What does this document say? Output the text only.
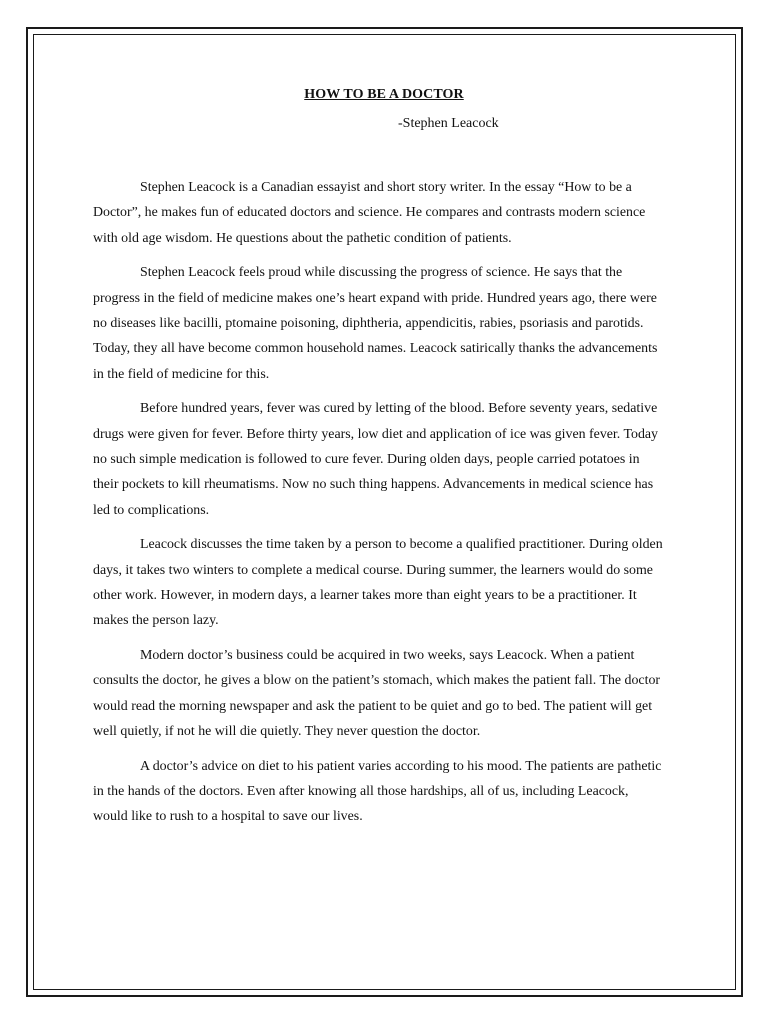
HOW TO BE A DOCTOR
-Stephen Leacock

Stephen Leacock is a Canadian essayist and short story writer. In the essay “How to be a Doctor”, he makes fun of educated doctors and science. He compares and contrasts modern science with old age wisdom. He questions about the pathetic condition of patients.

Stephen Leacock feels proud while discussing the progress of science. He says that the progress in the field of medicine makes one’s heart expand with pride. Hundred years ago, there were no diseases like bacilli, ptomaine poisoning, diphtheria, appendicitis, rabies, psoriasis and parotids. Today, they all have become common household names. Leacock satirically thanks the advancements in the field of medicine for this.

Before hundred years, fever was cured by letting of the blood. Before seventy years, sedative drugs were given for fever. Before thirty years, low diet and application of ice was given fever. Today no such simple medication is followed to cure fever. During olden days, people carried potatoes in their pockets to kill rheumatisms. Now no such thing happens. Advancements in medical science has led to complications.

Leacock discusses the time taken by a person to become a qualified practitioner. During olden days, it takes two winters to complete a medical course. During summer, the learners would do some other work. However, in modern days, a learner takes more than eight years to be a practitioner. It makes the person lazy.

Modern doctor’s business could be acquired in two weeks, says Leacock. When a patient consults the doctor, he gives a blow on the patient’s stomach, which makes the patient fall. The doctor would read the morning newspaper and ask the patient to be quiet and go to bed. The patient will get well quietly, if not he will die quietly. They never question the doctor.

A doctor’s advice on diet to his patient varies according to his mood. The patients are pathetic in the hands of the doctors. Even after knowing all those hardships, all of us, including Leacock, would like to rush to a hospital to save our lives.
